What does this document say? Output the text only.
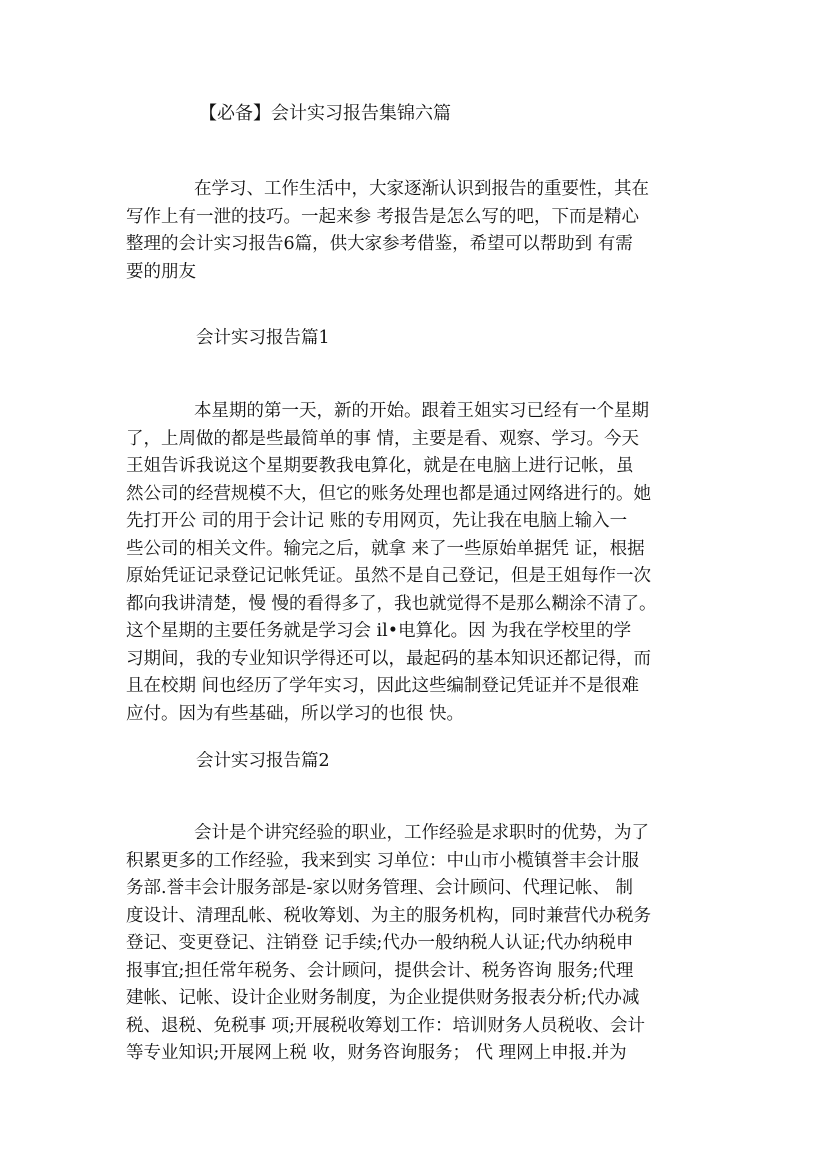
【必备】会计实习报告集锦六篇
在学习、工作生活中，大家逐渐认识到报告的重要性，其在
写作上有一泄的技巧。一起来参 考报告是怎么写的吧，下而是精心
整理的会计实习报告6篇，供大家参考借鉴，希望可以帮助到 有需
要的朋友
会计实习报告篇1
本星期的第一天，新的开始。跟着王姐实习已经有一个星期
了，上周做的都是些最简单的事 情，主要是看、观察、学习。今天
王姐告诉我说这个星期要教我电算化，就是在电脑上进行记帐，虽
然公司的经营规模不大，但它的账务处理也都是通过网络进行的。她
先打开公 司的用于会计记 账的专用网页，先让我在电脑上输入一
些公司的相关文件。输完之后，就拿 来了一些原始单据凭 证，根据
原始凭证记录登记记帐凭证。虽然不是自己登记，但是王姐每作一次
都向我讲清楚，慢 慢的看得多了，我也就觉得不是那么糊涂不清了。
这个星期的主要任务就是学习会 il•电算化。因 为我在学校里的学
习期间，我的专业知识学得还可以，最起码的基本知识还都记得，而
且在校期 间也经历了学年实习，因此这些编制登记凭证并不是很难
应付。因为有些基础，所以学习的也很 快。
会计实习报告篇2
会计是个讲究经验的职业，工作经验是求职时的优势，为了
积累更多的工作经验，我来到实 习单位：中山市小榄镇誉丰会计服
务部.誉丰会计服务部是-家以财务管理、会计顾问、代理记帐、 制
度设计、清理乱帐、税收筹划、为主的服务机构，同时兼营代办税务
登记、变更登记、注销登 记手续;代办一般纳税人认证;代办纳税申
报事宜;担任常年税务、会计顾问，提供会计、税务咨询 服务;代理
建帐、记帐、设计企业财务制度，为企业提供财务报表分析;代办减
税、退税、免税事 项;开展税收筹划工作：培训财务人员税收、会计
等专业知识;开展网上税 收，财务咨询服务； 代 理网上申报.并为
